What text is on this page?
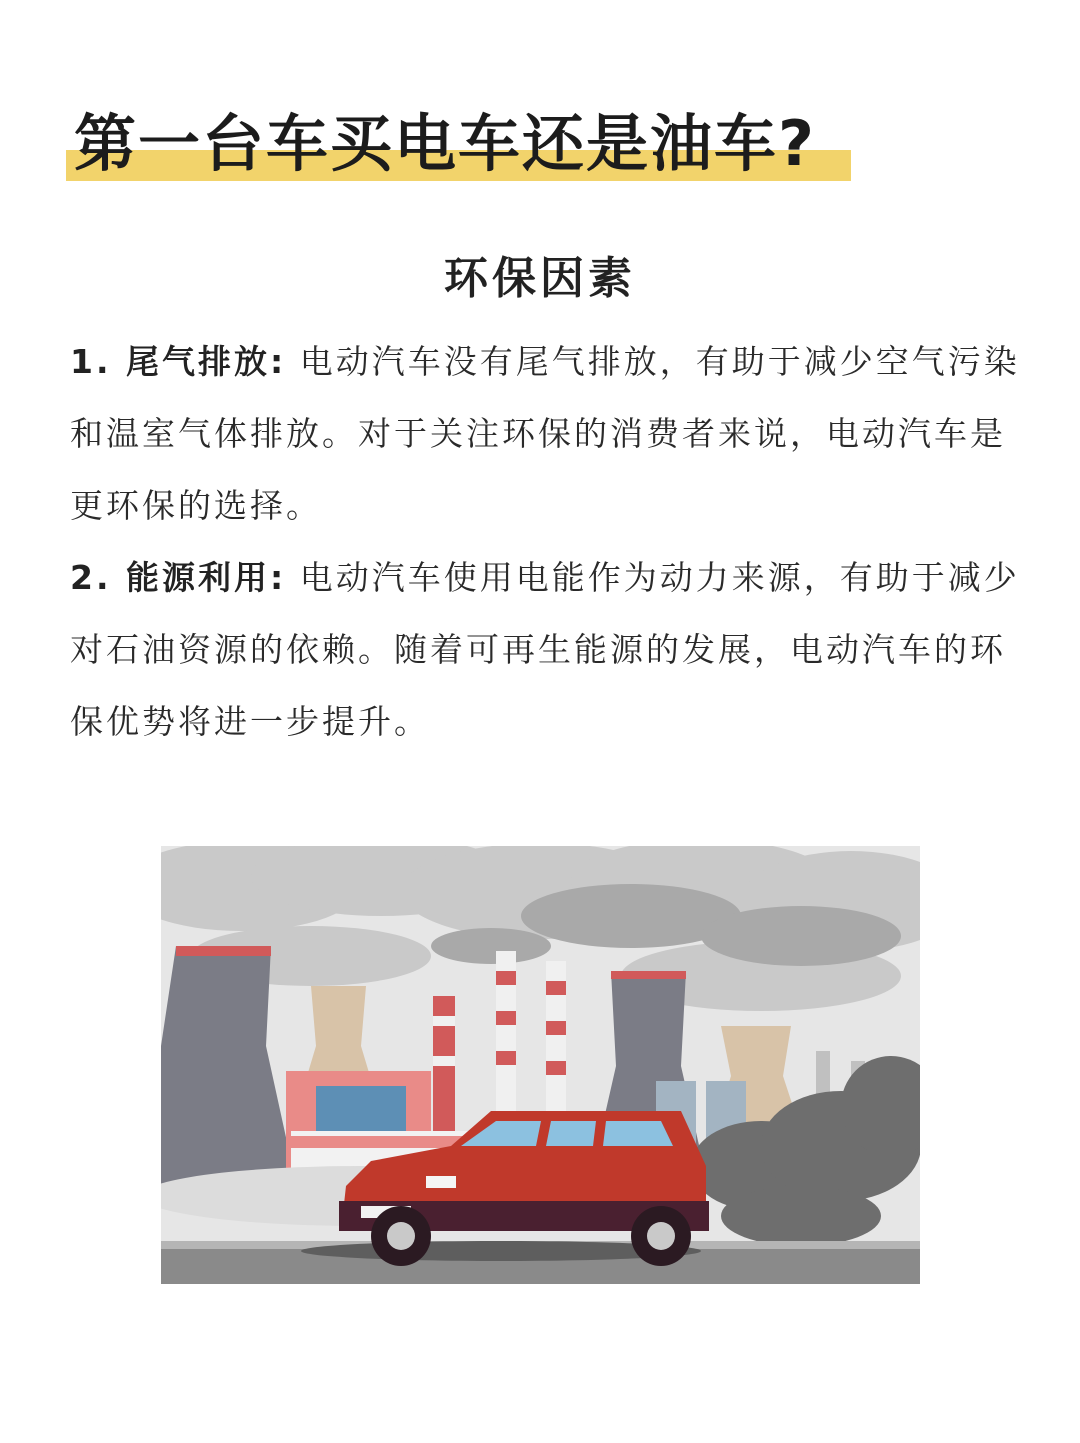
第一台车买电车还是油车?
环保因素

1. 尾气排放: 电动汽车没有尾气排放，有助于减少空气污染和温室气体排放。对于关注环保的消费者来说，电动汽车是更环保的选择。

2. 能源利用: 电动汽车使用电能作为动力来源，有助于减少对石油资源的依赖。随着可再生能源的发展，电动汽车的环保优势将进一步提升。
